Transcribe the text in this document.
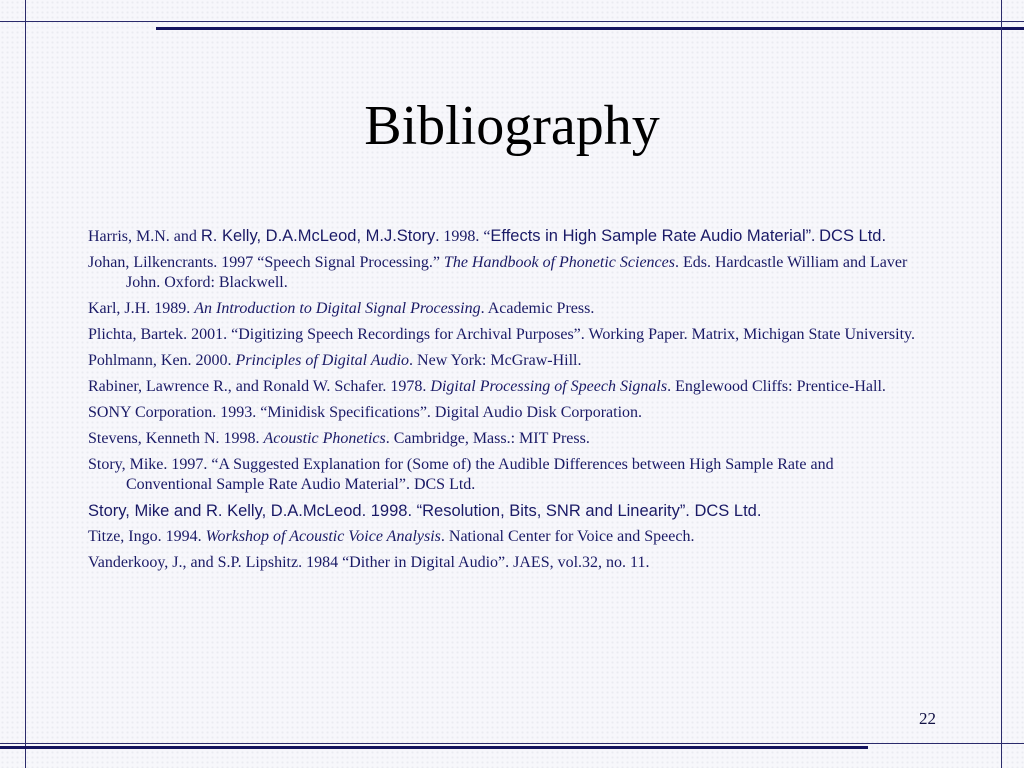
Bibliography
Harris, M.N. and R. Kelly, D.A.McLeod, M.J.Story. 1998. “Effects in High Sample Rate Audio Material”. DCS Ltd.
Johan, Lilkencrants. 1997 “Speech Signal Processing.” The Handbook of Phonetic Sciences. Eds. Hardcastle William and Laver John. Oxford: Blackwell.
Karl, J.H. 1989. An Introduction to Digital Signal Processing. Academic Press.
Plichta, Bartek. 2001. “Digitizing Speech Recordings for Archival Purposes”. Working Paper. Matrix, Michigan State University.
Pohlmann, Ken. 2000. Principles of Digital Audio. New York: McGraw-Hill.
Rabiner, Lawrence R., and Ronald W. Schafer. 1978. Digital Processing of Speech Signals. Englewood Cliffs: Prentice-Hall.
SONY Corporation. 1993. “Minidisk Specifications”. Digital Audio Disk Corporation.
Stevens, Kenneth N. 1998. Acoustic Phonetics. Cambridge, Mass.: MIT Press.
Story, Mike. 1997. “A Suggested Explanation for (Some of) the Audible Differences between High Sample Rate and Conventional Sample Rate Audio Material”. DCS Ltd.
Story, Mike and R. Kelly, D.A.McLeod. 1998. “Resolution, Bits, SNR and Linearity”. DCS Ltd.
Titze, Ingo. 1994. Workshop of Acoustic Voice Analysis. National Center for Voice and Speech.
Vanderkooy, J., and S.P. Lipshitz. 1984 “Dither in Digital Audio”. JAES, vol.32, no. 11.
22
